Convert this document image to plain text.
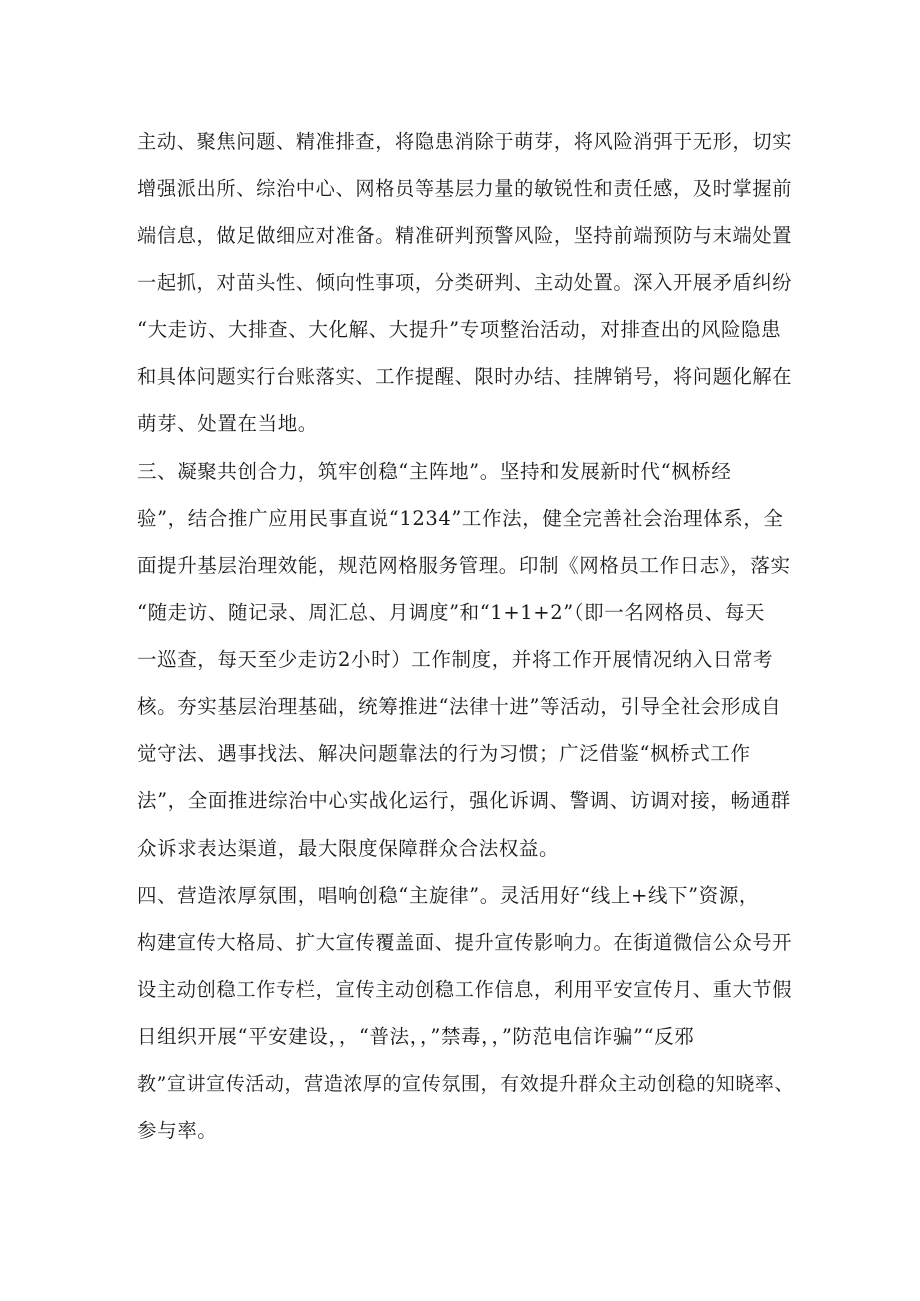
主动、聚焦问题、精准排查，将隐患消除于萌芽，将风险消弭于无形，切实
增强派出所、综治中心、网格员等基层力量的敏锐性和责任感，及时掌握前
端信息，做足做细应对准备。精准研判预警风险，坚持前端预防与末端处置
一起抓，对苗头性、倾向性事项，分类研判、主动处置。深入开展矛盾纠纷
“大走访、大排查、大化解、大提升”专项整治活动，对排查出的风险隐患
和具体问题实行台账落实、工作提醒、限时办结、挂牌销号，将问题化解在
萌芽、处置在当地。
三、凝聚共创合力，筑牢创稳“主阵地”。坚持和发展新时代“枫桥经
验”，结合推广应用民事直说“1234”工作法，健全完善社会治理体系，全
面提升基层治理效能，规范网格服务管理。印制《网格员工作日志》，落实
“随走访、随记录、周汇总、月调度”和“1+1+2”（即一名网格员、每天
一巡查，每天至少走访2小时）工作制度，并将工作开展情况纳入日常考
核。夯实基层治理基础，统筹推进“法律十进”等活动，引导全社会形成自
觉守法、遇事找法、解决问题靠法的行为习惯；广泛借鉴“枫桥式工作
法”，全面推进综治中心实战化运行，强化诉调、警调、访调对接，畅通群
众诉求表达渠道，最大限度保障群众合法权益。
四、营造浓厚氛围，唱响创稳“主旋律”。灵活用好“线上+线下”资源，
构建宣传大格局、扩大宣传覆盖面、提升宣传影响力。在街道微信公众号开
设主动创稳工作专栏，宣传主动创稳工作信息，利用平安宣传月、重大节假
日组织开展“平安建设，，“普法，，”禁毒，，”防范电信诈骗”“反邪
教”宣讲宣传活动，营造浓厚的宣传氛围，有效提升群众主动创稳的知晓率、
参与率。
